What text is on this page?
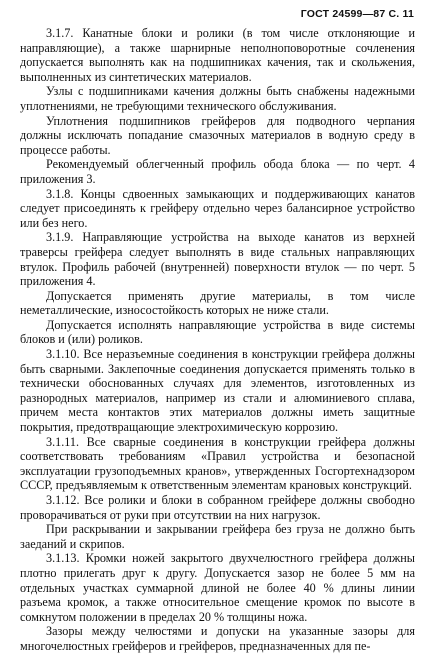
ГОСТ 24599—87 С. 11

3.1.7. Канатные блоки и ролики (в том числе отклоняющие и направляющие), а также шарнирные неполноповоротные сочленения допускается выполнять как на подшипниках качения, так и скольжения, выполненных из синтетических материалов.

Узлы с подшипниками качения должны быть снабжены надежными уплотнениями, не требующими технического обслуживания.

Уплотнения подшипников грейферов для подводного черпания должны исключать попадание смазочных материалов в водную среду в процессе работы.

Рекомендуемый облегченный профиль обода блока — по черт. 4 приложения 3.

3.1.8. Концы сдвоенных замыкающих и поддерживающих канатов следует присоединять к грейферу отдельно через балансирное устройство или без него.

3.1.9. Направляющие устройства на выходе канатов из верхней траверсы грейфера следует выполнять в виде стальных направляющих втулок. Профиль рабочей (внутренней) поверхности втулок — по черт. 5 приложения 4.

Допускается применять другие материалы, в том числе неметаллические, износостойкость которых не ниже стали.

Допускается исполнять направляющие устройства в виде системы блоков и (или) роликов.

3.1.10. Все неразъемные соединения в конструкции грейфера должны быть сварными. Заклепочные соединения допускается применять только в технически обоснованных случаях для элементов, изготовленных из разнородных материалов, например из стали и алюминиевого сплава, причем места контактов этих материалов должны иметь защитные покрытия, предотвращающие электрохимическую коррозию.

3.1.11. Все сварные соединения в конструкции грейфера должны соответствовать требованиям «Правил устройства и безопасной эксплуатации грузоподъемных кранов», утвержденных Госгортехнадзором СССР, предъявляемым к ответственным элементам крановых конструкций.

3.1.12. Все ролики и блоки в собранном грейфере должны свободно проворачиваться от руки при отсутствии на них нагрузок.

При раскрывании и закрывании грейфера без груза не должно быть заеданий и скрипов.

3.1.13. Кромки ножей закрытого двухчелюстного грейфера должны плотно прилегать друг к другу. Допускается зазор не более 5 мм на отдельных участках суммарной длиной не более 40 % длины линии разъема кромок, а также относительное смещение кромок по высоте в сомкнутом положении в пределах 20 % толщины ножа.

Зазоры между челюстями и допуски на указанные зазоры для многочелюстных грейферов и грейферов, предназначенных для пе-
